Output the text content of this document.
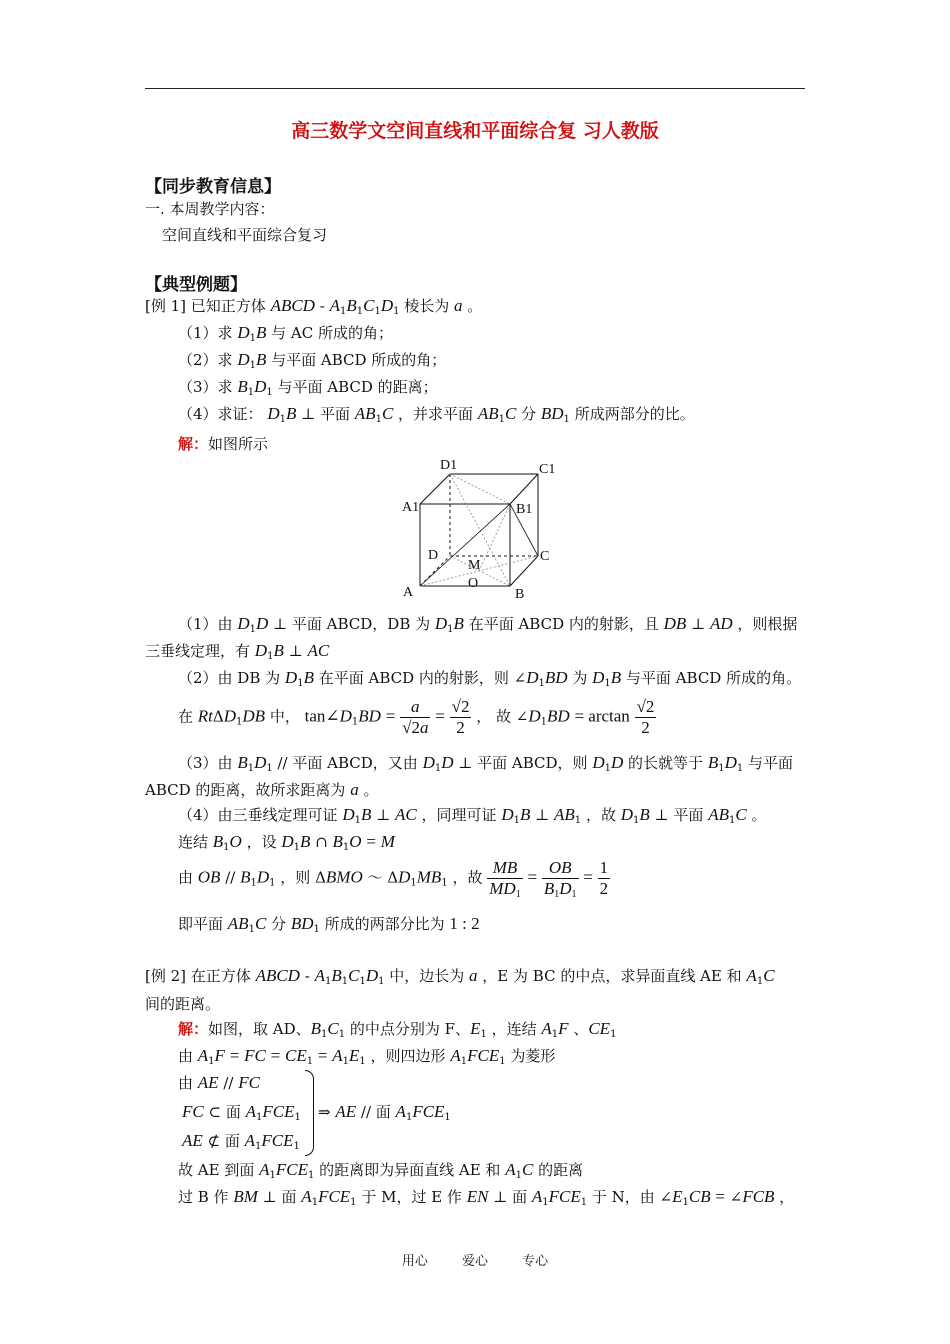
高三数学文空间直线和平面综合复 习人教版
【同步教育信息】
一. 本周教学内容：
空间直线和平面综合复习
【典型例题】
[例 1] 已知正方体 ABCD - $A_1B_1C_1D_1$ 棱长为 a 。
（1）求 $D_1B$ 与 AC 所成的角；
（2）求 $D_1B$ 与平面 ABCD 所成的角；
（3）求 $B_1D_1$ 与平面 ABCD 的距离；
（4）求证： $D_1B$ ⊥ 平面 $AB_1C$ ，并求平面 $AB_1C$ 分 $BD_1$ 所成两部分的比。
解：如图所示
D1	C1
A1	B1
D	C
M
O
A	B
（1）由 $D_1D$ ⊥ 平面 ABCD，DB 为 $D_1B$ 在平面 ABCD 内的射影，且 DB ⊥ AD ，则根据
三垂线定理，有 $D_1B$ ⊥ AC
（2）由 DB 为 $D_1B$ 在平面 ABCD 内的射影，则 $\angle D_1BD$ 为 $D_1B$ 与平面 ABCD 所成的角。
在 RtΔD$_1$DB 中， $\tan\angle D_1BD = \frac{a}{√2a} = \frac{√2}{2}$ ， 故 $\angle D_1BD = \arctan \frac{√2}{2}$
（3）由 $B_1D_1$ // 平面 ABCD，又由 $D_1D$ ⊥ 平面 ABCD，则 $D_1D$ 的长就等于 $B_1D_1$ 与平面
ABCD 的距离，故所求距离为 a 。
（4）由三垂线定理可证 $D_1B$ ⊥ AC ，同理可证 $D_1B$ ⊥ $AB_1$ ，故 $D_1B$ ⊥ 平面 $AB_1C$ 。
连结 $B_1O$ ，设 $D_1B$ ∩ $B_1O = M$
由 OB // $B_1D_1$ ，则 ΔBMO ～ $\Delta D_1MB_1$ ，故 $\frac{MB}{MD_1} = \frac{OB}{B_1D_1} = \frac{1}{2}$
即平面 $AB_1C$ 分 $BD_1$ 所成的两部分比为 1 : 2
[例 2] 在正方体 ABCD - $A_1B_1C_1D_1$ 中，边长为 a ，E 为 BC 的中点，求异面直线 AE 和 $A_1C$
间的距离。
解：如图，取 AD、$B_1C_1$ 的中点分别为 F、$E_1$ ，连结 $A_1F$ 、$CE_1$
由 $A_1F$ = FC = $CE_1 = A_1E_1$ ，则四边形 $A_1FCE_1$ 为菱形
由 AE // FC
FC ⊂ 面 $A_1FCE_1$
AE ⊄ 面 $A_1FCE_1$
⇒ AE // 面 $A_1FCE_1$
故 AE 到面 $A_1FCE_1$ 的距离即为异面直线 AE 和 $A_1C$ 的距离
过 B 作 BM ⊥ 面 $A_1FCE_1$ 于 M，过 E 作 EN ⊥ 面 $A_1FCE_1$ 于 N，由 $\angle E_1CB$ = ∠FCB ，
用心 爱心 专心
